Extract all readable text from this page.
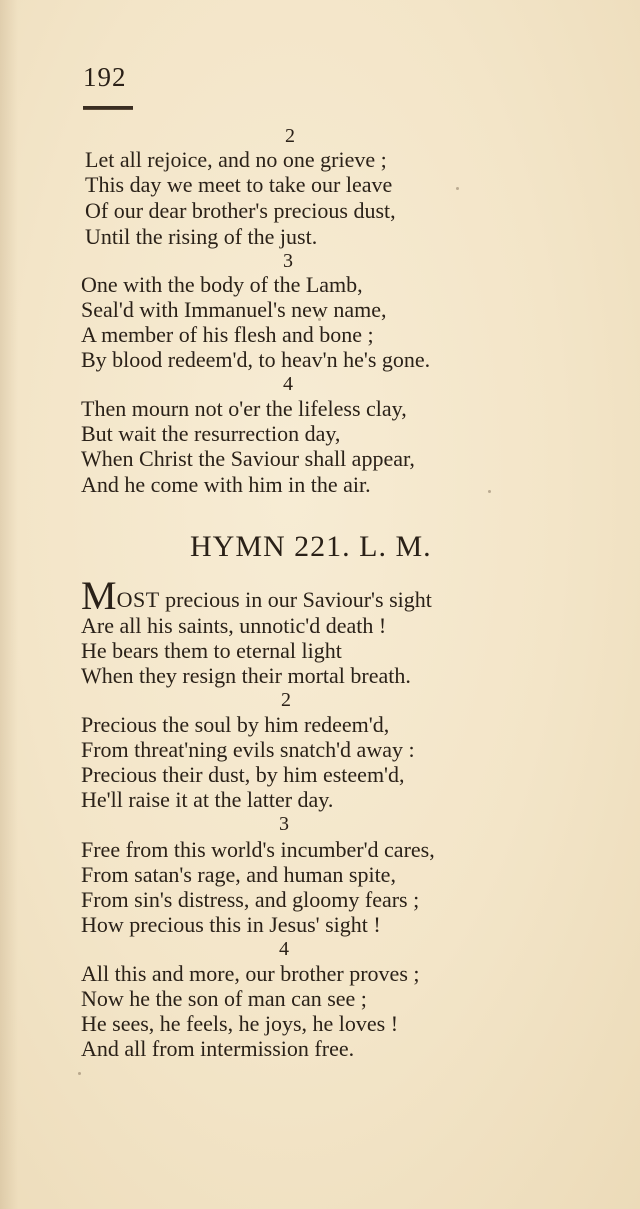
192
2
Let all rejoice, and no one grieve ;
This day we meet to take our leave
Of our dear brother's precious dust,
Until the rising of the just.
3
One with the body of the Lamb,
Seal'd with Immanuel's new name,
A member of his flesh and bone ;
By blood redeem'd, to heav'n he's gone.
4
Then mourn not o'er the lifeless clay,
But wait the resurrection day,
When Christ the Saviour shall appear,
And he come with him in the air.
HYMN 221. L. M.
MOST precious in our Saviour's sight
Are all his saints, unnotic'd death !
He bears them to eternal light
When they resign their mortal breath.
2
Precious the soul by him redeem'd,
From threat'ning evils snatch'd away :
Precious their dust, by him esteem'd,
He'll raise it at the latter day.
3
Free from this world's incumber'd cares,
From satan's rage, and human spite,
From sin's distress, and gloomy fears ;
How precious this in Jesus' sight !
4
All this and more, our brother proves ;
Now he the son of man can see ;
He sees, he feels, he joys, he loves !
And all from intermission free.
